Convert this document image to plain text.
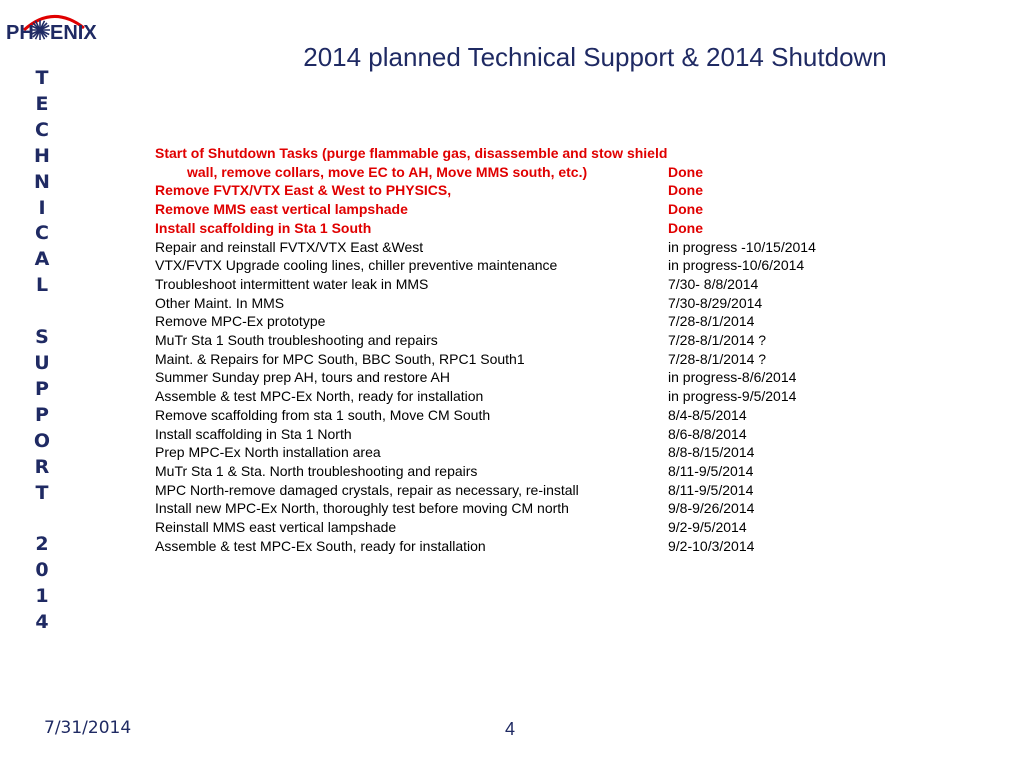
PH ENIX
2014 planned Technical Support & 2014 Shutdown
T
E
C
H
N
I
C
A
L

S
U
P
P
O
R
T

2
0
1
4
Start of Shutdown Tasks (purge flammable gas, disassemble and stow shield wall, remove collars, move EC to AH, Move MMS south, etc.)	Done
Remove FVTX/VTX East & West to PHYSICS,	Done
Remove MMS east vertical lampshade	Done
Install scaffolding in Sta 1 South	Done
Repair and reinstall FVTX/VTX East &West	in progress -10/15/2014
VTX/FVTX Upgrade cooling lines, chiller preventive maintenance	in progress-10/6/2014
Troubleshoot intermittent water leak in MMS	7/30- 8/8/2014
Other Maint. In MMS	7/30-8/29/2014
Remove MPC-Ex prototype	7/28-8/1/2014
MuTr Sta 1 South troubleshooting and repairs	7/28-8/1/2014 ?
Maint. & Repairs for MPC South, BBC South, RPC1 South1	7/28-8/1/2014 ?
Summer Sunday prep AH, tours and restore AH	in progress-8/6/2014
Assemble & test MPC-Ex North, ready for installation	in progress-9/5/2014
Remove scaffolding from sta 1 south, Move CM South	8/4-8/5/2014
Install scaffolding in Sta 1 North	8/6-8/8/2014
Prep MPC-Ex North installation area	8/8-8/15/2014
MuTr Sta 1 & Sta. North troubleshooting and repairs	8/11-9/5/2014
MPC North-remove damaged crystals, repair as necessary, re-install	8/11-9/5/2014
Install new MPC-Ex North, thoroughly test before moving CM north	9/8-9/26/2014
Reinstall MMS east vertical lampshade	9/2-9/5/2014
Assemble & test MPC-Ex South, ready for installation	9/2-10/3/2014
7/31/2014	4
